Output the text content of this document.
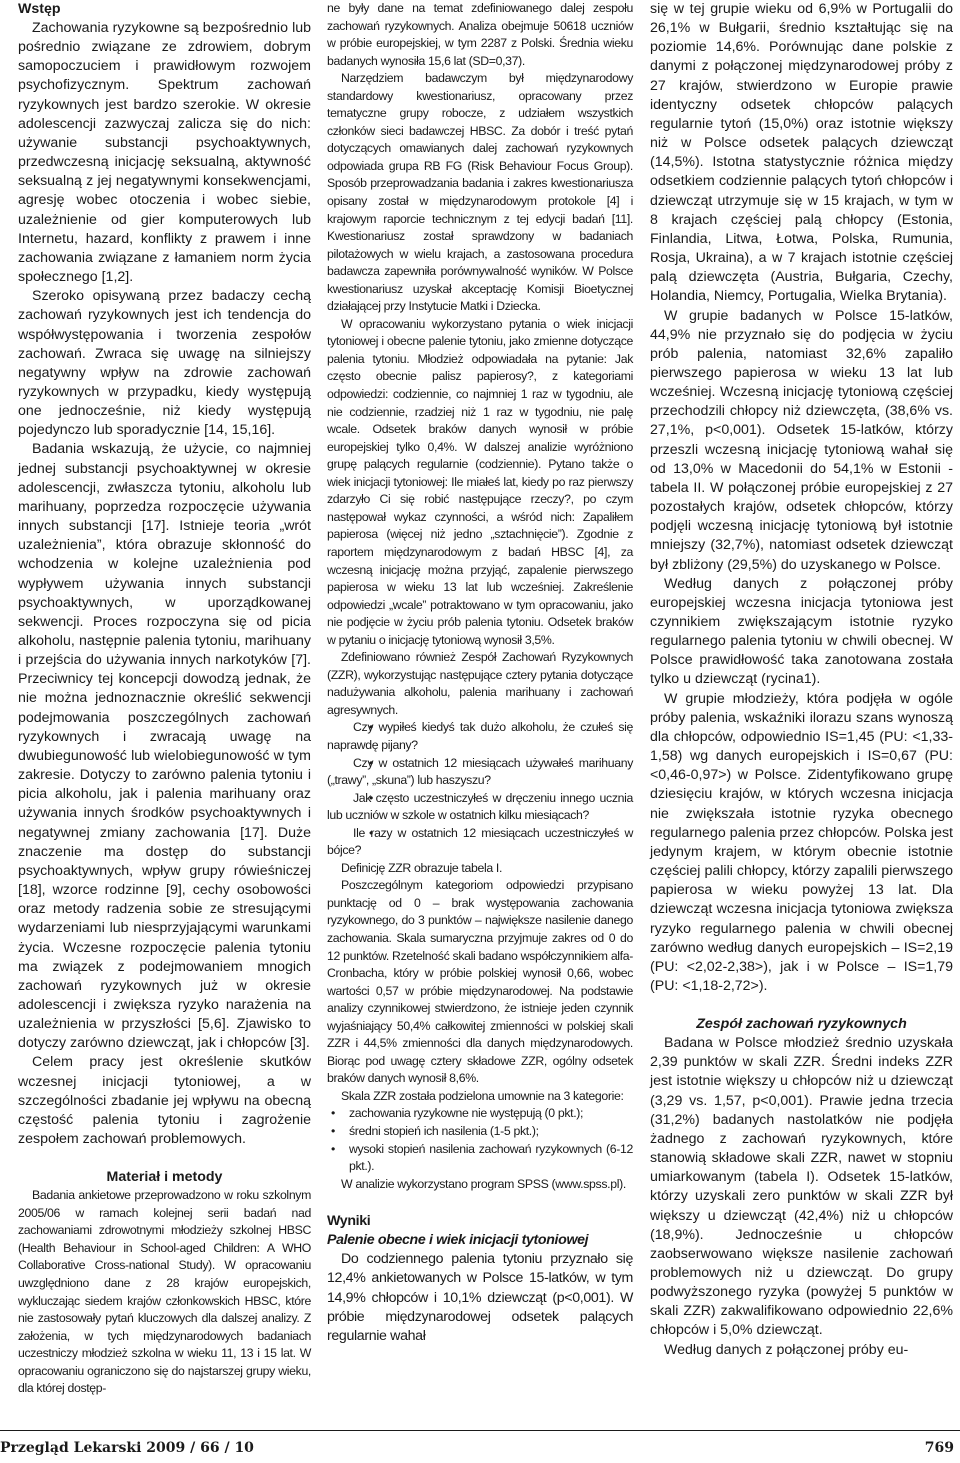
Wstęp

Zachowania ryzykowne są bezpośrednio lub pośrednio związane ze zdrowiem, dobrym samopoczuciem i prawidłowym rozwojem psychofizycznym. Spektrum zachowań ryzykownych jest bardzo szerokie. W okresie adolescencji zazwyczaj zalicza się do nich: używanie substancji psychoaktywnych, przedwczesną inicjację seksualną, aktywność seksualną z jej negatywnymi konsekwencjami, agresję wobec otoczenia i wobec siebie, uzależnienie od gier komputerowych lub Internetu, hazard, konflikty z prawem i inne zachowania związane z łamaniem norm życia społecznego [1,2].

Szeroko opisywaną przez badaczy cechą zachowań ryzykownych jest ich tendencja do współwystępowania i tworzenia zespołów zachowań. Zwraca się uwagę na silniejszy negatywny wpływ na zdrowie zachowań ryzykownych w przypadku, kiedy występują one jednocześnie, niż kiedy występują pojedynczo lub sporadycznie [14, 15,16].

Badania wskazują, że użycie, co najmniej jednej substancji psychoaktywnej w okresie adolescencji, zwłaszcza tytoniu, alkoholu lub marihuany, poprzedza rozpoczęcie używania innych substancji [17]. Istnieje teoria „wrót uzależnienia”, która obrazuje skłonność do wchodzenia w kolejne uzależnienia pod wypływem używania innych substancji psychoaktywnych, w uporządkowanej sekwencji. Proces rozpoczyna się od picia alkoholu, następnie palenia tytoniu, marihuany i przejścia do używania innych narkotyków [7]. Przeciwnicy tej koncepcji dowodzą jednak, że nie można jednoznacznie określić sekwencji podejmowania poszczególnych zachowań ryzykownych i zwracają uwagę na dwubiegunowość lub wielobiegunowość w tym zakresie. Dotyczy to zarówno palenia tytoniu i picia alkoholu, jak i palenia marihuany oraz używania innych środków psychoaktywnych i negatywnej zmiany zachowania [17]. Duże znaczenie ma dostęp do substancji psychoaktywnych, wpływ grupy rówieśniczej [18], wzorce rodzinne [9], cechy osobowości oraz metody radzenia sobie ze stresującymi wydarzeniami lub niesprzyjającymi warunkami życia. Wczesne rozpoczęcie palenia tytoniu ma związek z podejmowaniem mnogich zachowań ryzykownych już w okresie adolescencji i zwiększa ryzyko narażenia na uzależnienia w przyszłości [5,6]. Zjawisko to dotyczy zarówno dziewcząt, jak i chłopców [3].

Celem pracy jest określenie skutków wczesnej inicjacji tytoniowej, a w szczególności zbadanie jej wpływu na obecną częstość palenia tytoniu i zagrożenie zespołem zachowań problemowych.

Materiał i metody

Badania ankietowe przeprowadzono w roku szkolnym 2005/06 w ramach kolejnej serii badań nad zachowaniami zdrowotnymi młodzieży szkolnej HBSC (Health Behaviour in School-aged Children: A WHO Collaborative Cross-national Study). W opracowaniu uwzględniono dane z 28 krajów europejskich, wykluczając siedem krajów członkowskich HBSC, które nie zastosowały pytań kluczowych dla dalszej analizy. Z założenia, w tych międzynarodowych badaniach uczestniczy młodzież szkolna w wieku 11, 13 i 15 lat. W opracowaniu ograniczono się do najstarszej grupy wieku, dla której dostęp-

ne były dane na temat zdefiniowanego dalej zespołu zachowań ryzykownych. Analiza obejmuje 50618 uczniów w próbie europejskiej, w tym 2287 z Polski. Średnia wieku badanych wynosiła 15,6 lat (SD=0,37).

Narzędziem badawczym był międzynarodowy standardowy kwestionariusz, opracowany przez tematyczne grupy robocze, z udziałem wszystkich członków sieci badawczej HBSC. Za dobór i treść pytań dotyczących omawianych dalej zachowań ryzykownych odpowiada grupa RB FG (Risk Behaviour Focus Group). Sposób przeprowadzania badania i zakres kwestionariusza opisany został w międzynarodowym protokole [4] i krajowym raporcie technicznym z tej edycji badań [11]. Kwestionariusz został sprawdzony w badaniach pilotażowych w wielu krajach, a zastosowana procedura badawcza zapewniła porównywalność wyników. W Polsce kwestionariusz uzyskał akceptację Komisji Bioetycznej działającej przy Instytucie Matki i Dziecka.

W opracowaniu wykorzystano pytania o wiek inicjacji tytoniowej i obecne palenie tytoniu, jako zmienne dotyczące palenia tytoniu. Młodzież odpowiadała na pytanie: Jak często obecnie palisz papierosy?, z kategoriami odpowiedzi: codziennie, co najmniej 1 raz w tygodniu, ale nie codziennie, rzadziej niż 1 raz w tygodniu, nie palę wcale. Odsetek braków danych wynosił w próbie europejskiej tylko 0,4%. W dalszej analizie wyróżniono grupę palących regularnie (codziennie). Pytano także o wiek inicjacji tytoniowej: Ile miałeś lat, kiedy po raz pierwszy zdarzyło Ci się robić następujące rzeczy?, po czym następował wykaz czynności, a wśród nich: Zapaliłem papierosa (więcej niż jedno „sztachnięcie”). Zgodnie z raportem międzynarodowym z badań HBSC [4], za wczesną inicjację można przyjąć, zapalenie pierwszego papierosa w wieku 13 lat lub wcześniej. Zakreślenie odpowiedzi „wcale” potraktowano w tym opracowaniu, jako nie podjęcie w życiu prób palenia tytoniu. Odsetek braków w pytaniu o inicjację tytoniową wynosił 3,5%.

Zdefiniowano również Zespół Zachowań Ryzykownych (ZZR), wykorzystując następujące cztery pytania dotyczące nadużywania alkoholu, palenia marihuany i zachowań agresywnych.

• Czy wypiłeś kiedyś tak dużo alkoholu, że czułeś się naprawdę pijany?
• Czy w ostatnich 12 miesiącach używałeś marihuany („trawy”, „skuna”) lub haszyszu?
• Jak często uczestniczyłeś w dręczeniu innego ucznia lub uczniów w szkole w ostatnich kilku miesiącach?
• Ile razy w ostatnich 12 miesiącach uczestniczyłeś w bójce?

Definicję ZZR obrazuje tabela I.

Poszczególnym kategoriom odpowiedzi przypisano punktację od 0 – brak występowania zachowania ryzykownego, do 3 punktów – największe nasilenie danego zachowania. Skala sumaryczna przyjmuje zakres od 0 do 12 punktów. Rzetelność skali badano współczynnikiem alfa-Cronbacha, który w próbie polskiej wynosił 0,66, wobec wartości 0,57 w próbie międzynarodowej. Na podstawie analizy czynnikowej stwierdzono, że istnieje jeden czynnik wyjaśniający 50,4% całkowitej zmienności w polskiej skali ZZR i 44,5% zmienności dla danych międzynarodowych. Biorąc pod uwagę cztery składowe ZZR, ogólny odsetek braków danych wynosił 8,6%.

Skala ZZR została podzielona umownie na 3 kategorie:

• zachowania ryzykowne nie występują (0 pkt.);
• średni stopień ich nasilenia (1-5 pkt.);
• wysoki stopień nasilenia zachowań ryzykownych (6-12 pkt.).

W analizie wykorzystano program SPSS (www.spss.pl).

Wyniki
Palenie obecne i wiek inicjacji tytoniowej

Do codziennego palenia tytoniu przyznało się 12,4% ankietowanych w Polsce 15-latków, w tym 14,9% chłopców i 10,1% dziewcząt (p<0,001). W próbie międzynarodowej odsetek palących regularnie wahał

się w tej grupie wieku od 6,9% w Portugalii do 26,1% w Bułgarii, średnio kształtując się na poziomie 14,6%. Porównując dane polskie z danymi z połączonej międzynarodowej próby z 27 krajów, stwierdzono w Europie prawie identyczny odsetek chłopców palących regularnie tytoń (15,0%) oraz istotnie większy niż w Polsce odsetek palących dziewcząt (14,5%). Istotna statystycznie różnica między odsetkiem codziennie palących tytoń chłopców i dziewcząt utrzymuje się w 15 krajach, w tym w 8 krajach częściej palą chłopcy (Estonia, Finlandia, Litwa, Łotwa, Polska, Rumunia, Rosja, Ukraina), a w 7 krajach istotnie częściej palą dziewczęta (Austria, Bułgaria, Czechy, Holandia, Niemcy, Portugalia, Wielka Brytania).

W grupie badanych w Polsce 15-latków, 44,9% nie przyznało się do podjęcia w życiu prób palenia, natomiast 32,6% zapaliło pierwszego papierosa w wieku 13 lat lub wcześniej. Wczesną inicjację tytoniową częściej przechodzili chłopcy niż dziewczęta, (38,6% vs. 27,1%, p<0,001). Odsetek 15-latków, którzy przeszli wczesną inicjację tytoniową wahał się od 13,0% w Macedonii do 54,1% w Estonii - tabela II. W połączonej próbie europejskiej z 27 pozostałych krajów, odsetek chłopców, którzy podjęli wczesną inicjację tytoniową był istotnie mniejszy (32,7%), natomiast odsetek dziewcząt był zbliżony (29,5%) do uzyskanego w Polsce.

Według danych z połączonej próby europejskiej wczesna inicjacja tytoniowa jest czynnikiem zwiększającym istotnie ryzyko regularnego palenia tytoniu w chwili obecnej. W Polsce prawidłowość taka zanotowana została tylko u dziewcząt (rycina1).

W grupie młodzieży, która podjęła w ogóle próby palenia, wskaźniki ilorazu szans wynoszą dla chłopców, odpowiednio IS=1,45 (PU: <1,33-1,58) wg danych europejskich i IS=0,67 (PU: <0,46-0,97>) w Polsce. Zidentyfikowano grupę dziesięciu krajów, w których wczesna inicjacja nie zwiększała istotnie ryzyka obecnego regularnego palenia przez chłopców. Polska jest jedynym krajem, w którym obecnie istotnie częściej palili chłopcy, którzy zapalili pierwszego papierosa w wieku powyżej 13 lat. Dla dziewcząt wczesna inicjacja tytoniowa zwiększa ryzyko regularnego palenia w chwili obecnej zarówno według danych europejskich – IS=2,19 (PU: <2,02-2,38>), jak i w Polsce – IS=1,79 (PU: <1,18-2,72>).

Zespół zachowań ryzykownych

Badana w Polsce młodzież średnio uzyskała 2,39 punktów w skali ZZR. Średni indeks ZZR jest istotnie większy u chłopców niż u dziewcząt (3,29 vs. 1,57, p<0,001). Prawie jedna trzecia (31,2%) badanych nastolatków nie podjęła żadnego z zachowań ryzykownych, które stanowią składowe skali ZZR, nawet w stopniu umiarkowanym (tabela I). Odsetek 15-latków, którzy uzyskali zero punktów w skali ZZR był większy u dziewcząt (42,4%) niż u chłopców (18,9%). Jednocześnie u chłopców zaobserwowano większe nasilenie zachowań problemowych niż u dziewcząt. Do grupy podwyższonego ryzyka (powyżej 5 punktów w skali ZZR) zakwalifikowano odpowiednio 22,6% chłopców i 5,0% dziewcząt.

Według danych z połączonej próby eu-

Przegląd Lekarski 2009 / 66 / 10	769
